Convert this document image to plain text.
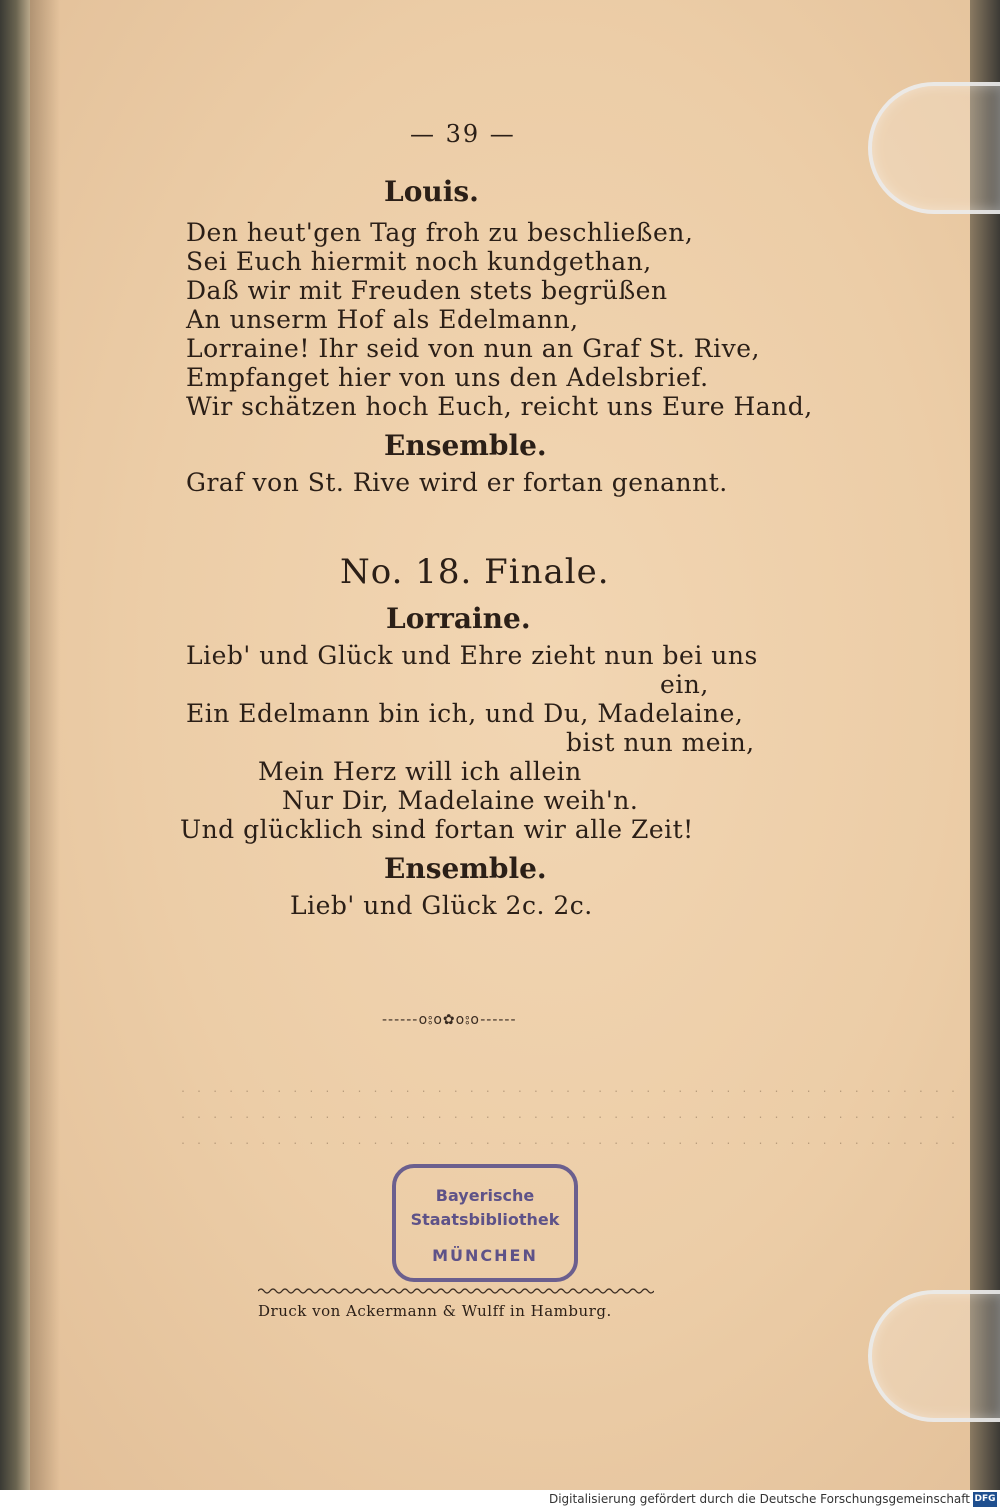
— 39 —
Louis.
Den heut'gen Tag froh zu beschließen,
Sei Euch hiermit noch kundgethan,
Daß wir mit Freuden stets begrüßen
An unserm Hof als Edelmann,
Lorraine! Ihr seid von nun an Graf St. Rive,
Empfanget hier von uns den Adelsbrief.
Wir schätzen hoch Euch, reicht uns Eure Hand,
Ensemble.
Graf von St. Rive wird er fortan genannt.
No. 18. Finale.
Lorraine.
Lieb' und Glück und Ehre zieht nun bei uns
ein,
Ein Edelmann bin ich, und Du, Madelaine,
bist nun mein,
Mein Herz will ich allein
Nur Dir, Madelaine weih'n.
Und glücklich sind fortan wir alle Zeit!
Ensemble.
Lieb' und Glück 2c. 2c.
------o⦂o✿o⦂o------
. . . . . . . . . . . . . . . . . . . . . . . . . . . . . . . . . . . . . . . . . . . . . . . . .
. . . . . . . . . . . . . . . . . . . . . . . . . . . . . . . . . . . . . . . . . . . . . . . . .
. . . . . . . . . . . . . . . . . . . . . . . . . . . . . . . . . . . . . . . . . . . . . . . . .
Bayerische
Staatsbibliothek
MÜNCHEN
Druck von Ackermann & Wulff in Hamburg.
Digitalisierung gefördert durch die Deutsche Forschungsgemeinschaft DFG
